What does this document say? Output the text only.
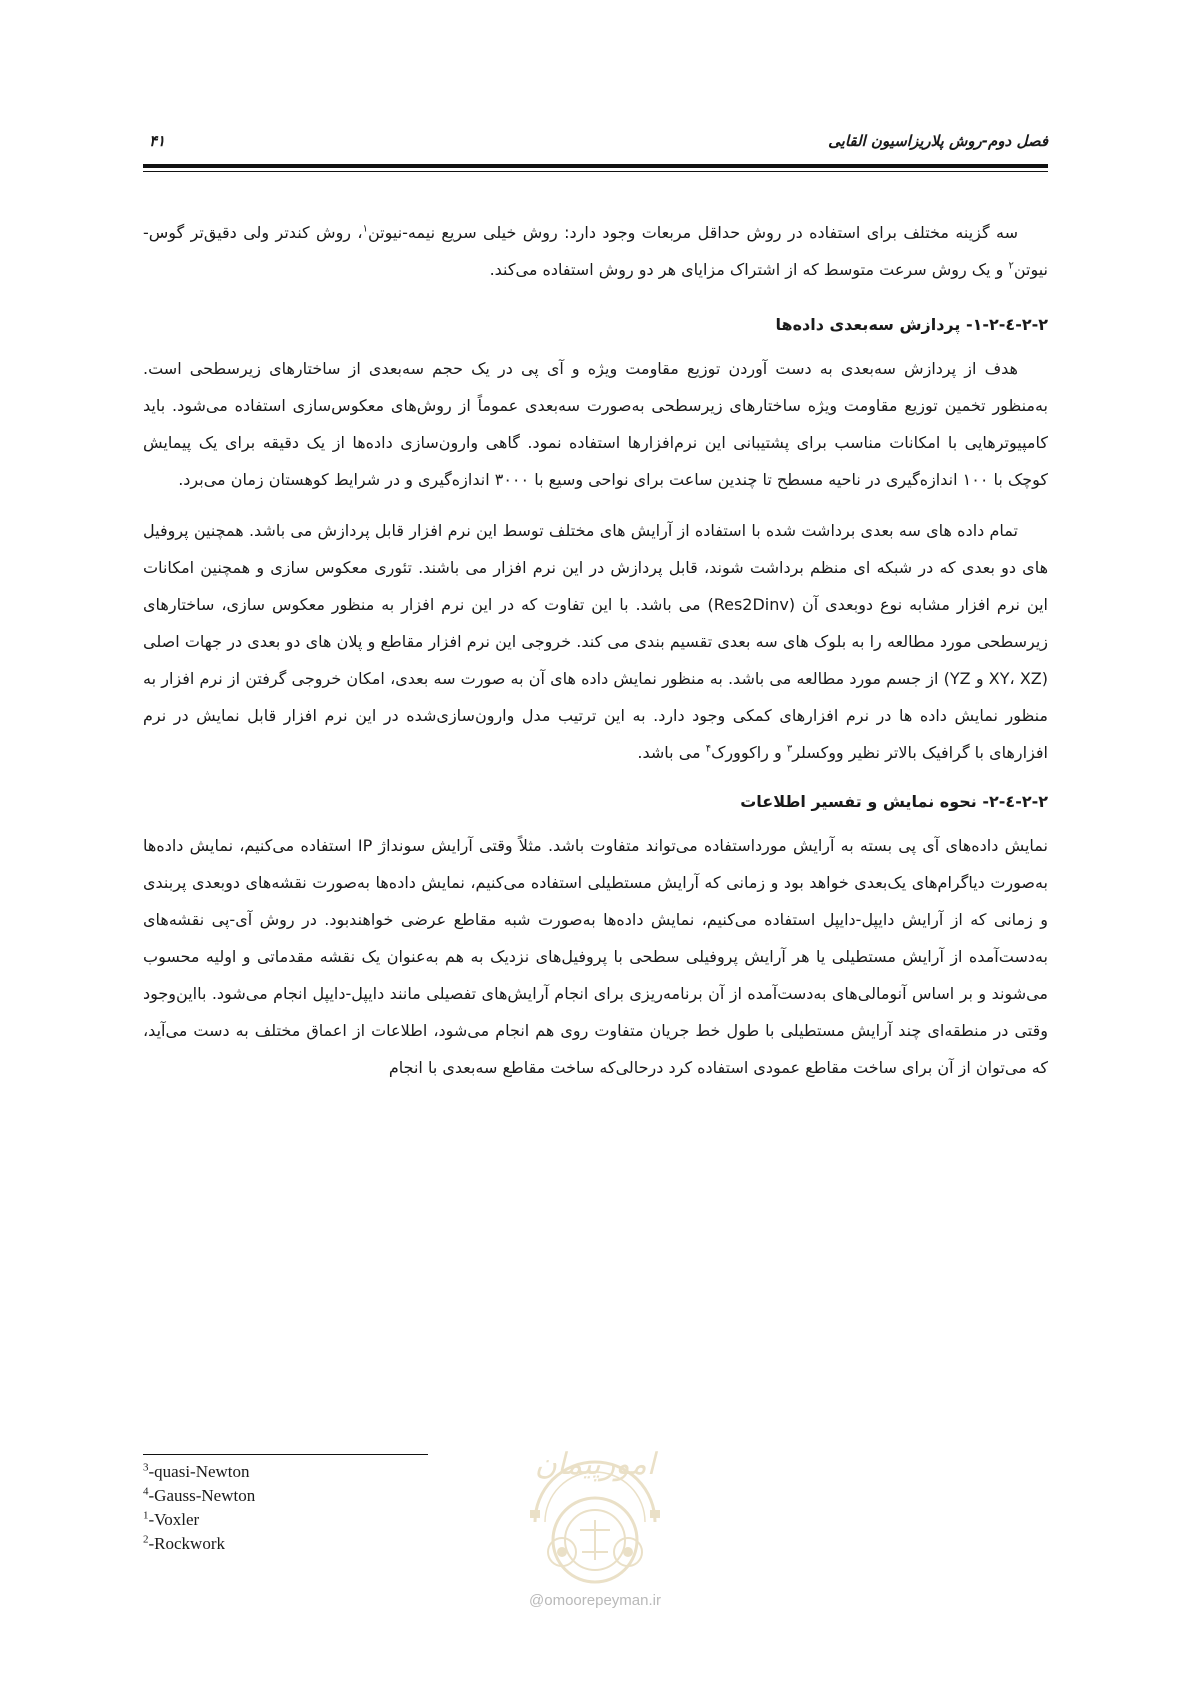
فصل دوم-روش پلاریزاسیون القایی
۴۱

سه گزینه مختلف برای استفاده در روش حداقل مربعات وجود دارد: روش خیلی سریع نیمه-نیوتن$^۱$، روش کندتر ولی دقیق‌تر گوس-نیوتن$^۲$ و یک روش سرعت متوسط که از اشتراک مزایای هر دو روش استفاده می‌کند.

۲-۲-٤-۱-۲- پردازش سه‌بعدی داده‌ها

هدف از پردازش سه‌بعدی به دست آوردن توزیع مقاومت ویژه و آی پی در یک حجم سه‌بعدی از ساختارهای زیرسطحی است. به‌منظور تخمین توزیع مقاومت ویژه ساختارهای زیرسطحی به‌صورت سه‌بعدی عموماً از روش‌های معکوس‌سازی استفاده می‌شود. باید کامپیوترهایی با امکانات مناسب برای پشتیبانی این نرم‌افزارها استفاده نمود. گاهی وارون‌سازی داده‌ها از یک دقیقه برای یک پیمایش کوچک با ۱۰۰ اندازه‌گیری در ناحیه مسطح تا چندین ساعت برای نواحی وسیع با ۳۰۰۰ اندازه‌گیری و در شرایط کوهستان زمان می‌برد.

تمام داده های سه بعدی برداشت شده با استفاده از آرایش های مختلف توسط این نرم افزار قابل پردازش می باشد. همچنین پروفیل های دو بعدی که در شبکه ای منظم برداشت شوند، قابل پردازش در این نرم افزار می باشند. تئوری معکوس سازی و همچنین امکانات این نرم افزار مشابه نوع دوبعدی آن (Res2Dinv) می باشد. با این تفاوت که در این نرم افزار به منظور معکوس سازی، ساختارهای زیرسطحی مورد مطالعه را به بلوک های سه بعدی تقسیم بندی می کند. خروجی این نرم افزار مقاطع و پلان های دو بعدی در جهات اصلی (XY، XZ و YZ) از جسم مورد مطالعه می باشد. به منظور نمایش داده های آن به صورت سه بعدی، امکان خروجی گرفتن از نرم افزار به منظور نمایش داده ها در نرم افزارهای کمکی وجود دارد. به این ترتیب مدل وارون‌سازی‌شده در این نرم افزار قابل نمایش در نرم افزارهای با گرافیک بالاتر نظیر ووکسلر$^۳$ و راکوورک$^۴$ می باشد.

۲-۲-٤-۲- نحوه نمایش و تفسیر اطلاعات

نمایش داده‌های آی پی بسته به آرایش مورداستفاده می‌تواند متفاوت باشد. مثلاً وقتی آرایش سونداژ IP استفاده می‌کنیم، نمایش داده‌ها به‌صورت دیاگرام‌های یک‌بعدی خواهد بود و زمانی که آرایش مستطیلی استفاده می‌کنیم، نمایش داده‌ها به‌صورت نقشه‌های دوبعدی پربندی و زمانی که از آرایش دایپل-دایپل استفاده می‌کنیم، نمایش داده‌ها به‌صورت شبه مقاطع عرضی خواهندبود. در روش آی-پی نقشه‌های به‌دست‌آمده از آرایش مستطیلی یا هر آرایش پروفیلی سطحی با پروفیل‌های نزدیک به هم به‌عنوان یک نقشه مقدماتی و اولیه محسوب می‌شوند و بر اساس آنومالی‌های به‌دست‌آمده از آن برنامه‌ریزی برای انجام آرایش‌های تفصیلی مانند دایپل-دایپل انجام می‌شود. بااین‌وجود وقتی در منطقه‌ای چند آرایش مستطیلی با طول خط جریان متفاوت روی هم انجام می‌شود، اطلاعات از اعماق مختلف به دست می‌آید، که می‌توان از آن برای ساخت مقاطع عمودی استفاده کرد درحالی‌که ساخت مقاطع سه‌بعدی با انجام

$^3$-quasi-Newton
$^4$-Gauss-Newton
$^1$-Voxler
$^2$-Rockwork
امورپیمان
@omoorepeyman.ir
